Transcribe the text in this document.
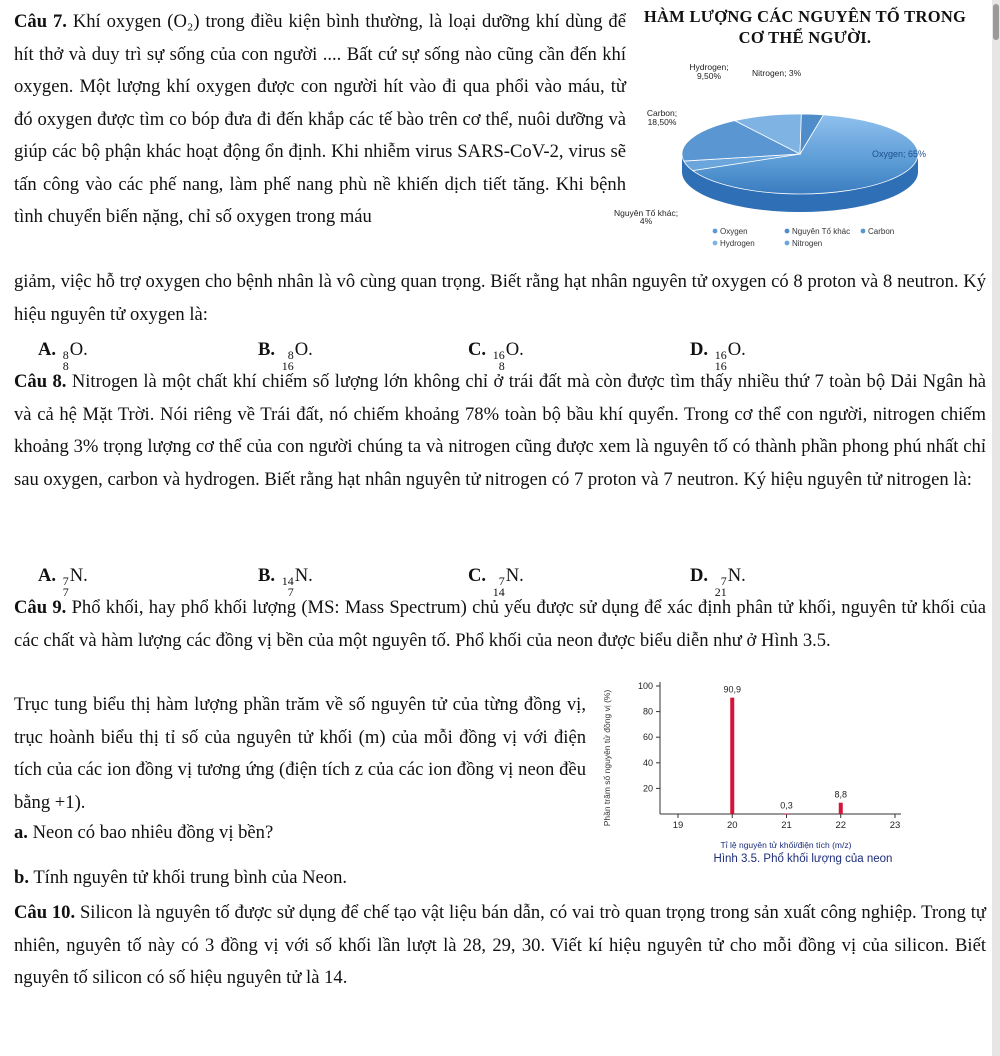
Câu 7. Khí oxygen (O₂) trong điều kiện bình thường, là loại dưỡng khí dùng để hít thở và duy trì sự sống của con người .... Bất cứ sự sống nào cũng cần đến khí oxygen. Một lượng khí oxygen được con người hít vào đi qua phổi vào máu, từ đó oxygen được tìm co bóp đưa đi đến khắp các tế bào trên cơ thể, nuôi dưỡng và giúp các bộ phận khác hoạt động ổn định. Khi nhiễm virus SARS-CoV-2, virus sẽ tấn công vào các phế nang, làm phế nang phù nề khiến dịch tiết tăng. Khi bệnh tình chuyển biến nặng, chỉ số oxygen trong máu
giảm, việc hỗ trợ oxygen cho bệnh nhân là vô cùng quan trọng. Biết rằng hạt nhân nguyên tử oxygen có 8 proton và 8 neutron. Ký hiệu nguyên tử oxygen là:
A. 8
8
O.	B. 8
16
O.	C. 16
8
O.	D. 16
16
O.
HÀM LƯỢNG CÁC NGUYÊN TỐ TRONG CƠ THỂ NGƯỜI.
Hydrogen; 9,50%	Nitrogen; 3%
Carbon; 18,50%
Oxygen; 65%
Nguyên Tố khác; 4%
Oxygen	Nguyên Tố khác Carbon
Hydrogen	Nitrogen
Câu 8. Nitrogen là một chất khí chiếm số lượng lớn không chỉ ở trái đất mà còn được tìm thấy nhiều thứ 7 toàn bộ Dải Ngân hà và cả hệ Mặt Trời. Nói riêng về Trái đất, nó chiếm khoảng 78% toàn bộ bầu khí quyển. Trong cơ thể con người, nitrogen chiếm khoảng 3% trọng lượng cơ thể của con người chúng ta và nitrogen cũng được xem là nguyên tố có thành phần phong phú nhất chỉ sau oxygen, carbon và hydrogen. Biết rằng hạt nhân nguyên tử nitrogen có 7 proton và 7 neutron. Ký hiệu nguyên tử nitrogen là:
A. 7
7
N.	B. 14
7
N.	C. 7
14
N.	D. 7
21
N.
Câu 9. Phổ khối, hay phổ khối lượng (MS: Mass Spectrum) chủ yếu được sử dụng để xác định phân tử khối, nguyên tử khối của các chất và hàm lượng các đồng vị bền của một nguyên tố. Phổ khối của neon được biểu diễn như ở Hình 3.5.
Trục tung biểu thị hàm lượng phần trăm về số nguyên tử của từng đồng vị, trục hoành biểu thị tỉ số của nguyên tử khối (m) của mỗi đồng vị với điện tích của các ion đồng vị tương ứng (điện tích z của các ion đồng vị neon đều bằng +1).
a. Neon có bao nhiêu đồng vị bền?
b. Tính nguyên tử khối trung bình của Neon.
Phần trăm số nguyên tử đồng vị (%)	20
40
60
80
100
19	20	21	22	23
90,9
0,3
8,8
Tỉ lệ nguyên tử khối/điện tích (m/z)
Hình 3.5. Phổ khối lượng của neon
Câu 10. Silicon là nguyên tố được sử dụng để chế tạo vật liệu bán dẫn, có vai trò quan trọng trong sản xuất công nghiệp. Trong tự nhiên, nguyên tố này có 3 đồng vị với số khối lần lượt là 28, 29, 30. Viết kí hiệu nguyên tử cho mỗi đồng vị của silicon. Biết nguyên tố silicon có số hiệu nguyên tử là 14.
